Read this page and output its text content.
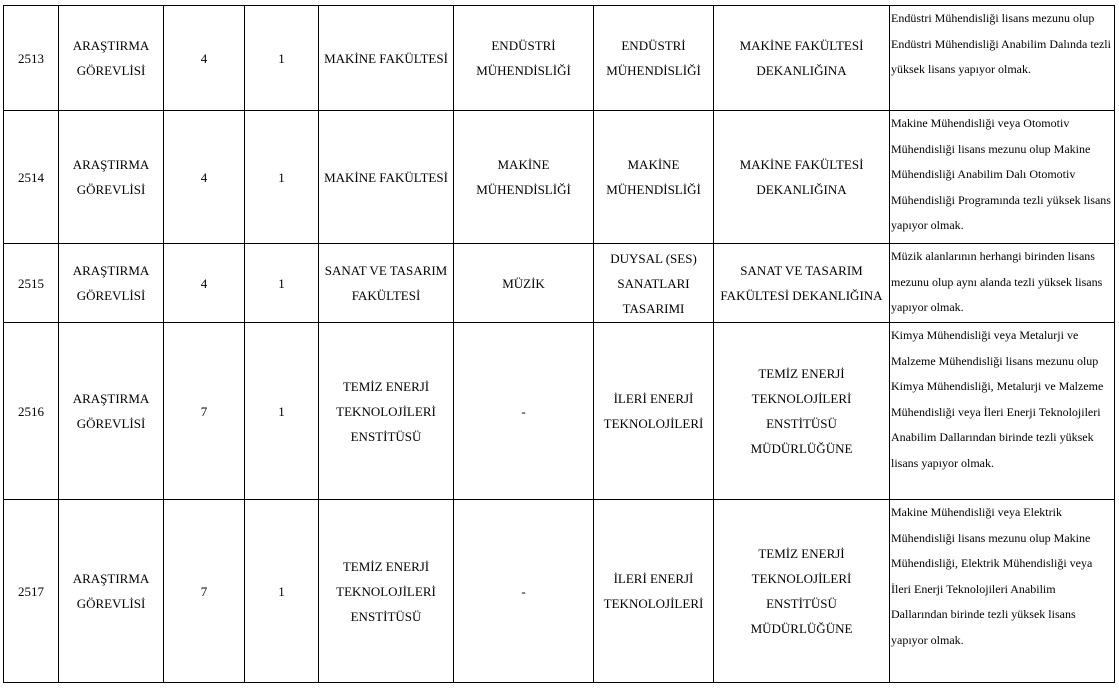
2513	ARAŞTIRMA GÖREVLİSİ	4	1	MAKİNE FAKÜLTESİ	ENDÜSTRİ MÜHENDİSLİĞİ	ENDÜSTRİ MÜHENDİSLİĞİ	MAKİNE FAKÜLTESİ DEKANLIĞINA	Endüstri Mühendisliği lisans mezunu olup Endüstri Mühendisliği Anabilim Dalında tezli yüksek lisans yapıyor olmak.

2514	ARAŞTIRMA GÖREVLİSİ	4	1	MAKİNE FAKÜLTESİ	MAKİNE MÜHENDİSLİĞİ	MAKİNE MÜHENDİSLİĞİ	MAKİNE FAKÜLTESİ DEKANLIĞINA	Makine Mühendisliği veya Otomotiv Mühendisliği lisans mezunu olup Makine Mühendisliği Anabilim Dalı Otomotiv Mühendisliği Programında tezli yüksek lisans yapıyor olmak.

2515	ARAŞTIRMA GÖREVLİSİ	4	1	SANAT VE TASARIM FAKÜLTESİ	MÜZİK	DUYSAL (SES) SANATLARI TASARIMI	SANAT VE TASARIM FAKÜLTESİ DEKANLIĞINA	Müzik alanlarının herhangi birinden lisans mezunu olup aynı alanda tezli yüksek lisans yapıyor olmak.

2516	ARAŞTIRMA GÖREVLİSİ	7	1	TEMİZ ENERJİ TEKNOLOJİLERİ ENSTİTÜSÜ	-	İLERİ ENERJİ TEKNOLOJİLERİ	TEMİZ ENERJİ TEKNOLOJİLERİ ENSTİTÜSÜ MÜDÜRLÜĞÜNE	Kimya Mühendisliği veya Metalurji ve Malzeme Mühendisliği lisans mezunu olup Kimya Mühendisliği, Metalurji ve Malzeme Mühendisliği veya İleri Enerji Teknolojileri Anabilim Dallarından birinde tezli yüksek lisans yapıyor olmak.

2517	ARAŞTIRMA GÖREVLİSİ	7	1	TEMİZ ENERJİ TEKNOLOJİLERİ ENSTİTÜSÜ	-	İLERİ ENERJİ TEKNOLOJİLERİ	TEMİZ ENERJİ TEKNOLOJİLERİ ENSTİTÜSÜ MÜDÜRLÜĞÜNE	Makine Mühendisliği veya Elektrik Mühendisliği lisans mezunu olup Makine Mühendisliği, Elektrik Mühendisliği veya İleri Enerji Teknolojileri Anabilim Dallarından birinde tezli yüksek lisans yapıyor olmak.
